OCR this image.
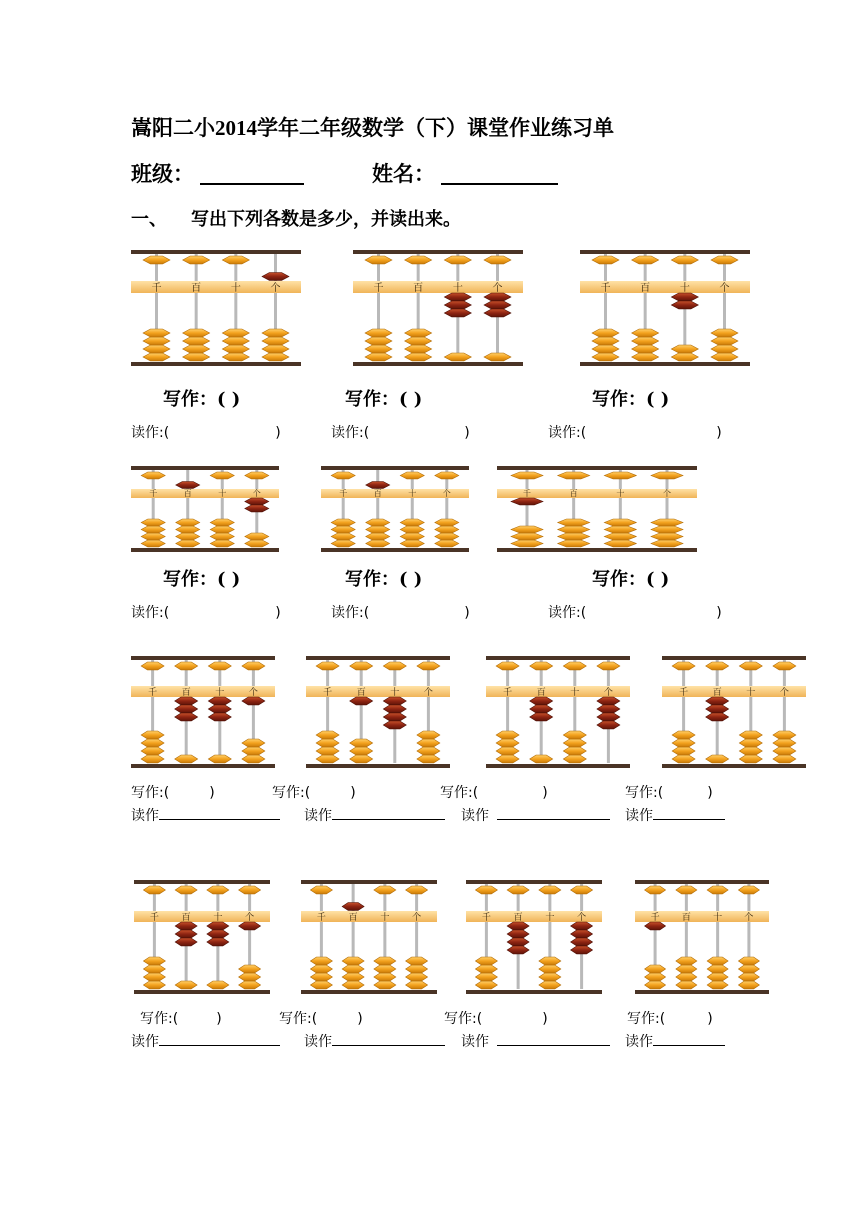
嵩阳二小2014学年二年级数学（下）课堂作业练习单
班级：	姓名：
一、 写出下列各数是多少，并读出来。
千	百	十	个	千	百	十	个	千	百	十	个
千	百	十	个	千	百	十	个	千	百	十	个
千	百	十	个	千	百	十	个	千	百	十	个	千	百	十	个
千	百	十	个	千	百	十	个	千	百	十	个	千 百 十 个
写作：( )	写作：( )	写作：( )
读作:(	)	读作:(	)	读作:(	)
写作：( )	写作：( )	写作：( )
读作:(	)	读作:(	)	读作:(	)
写作:(	)	写作:(	)	写作:(	)	写作:(	)
读作	读作	读作	读作
写作:(	)	写作:(	)	写作:(	)	写作:(	)
读作	读作	读作	读作
